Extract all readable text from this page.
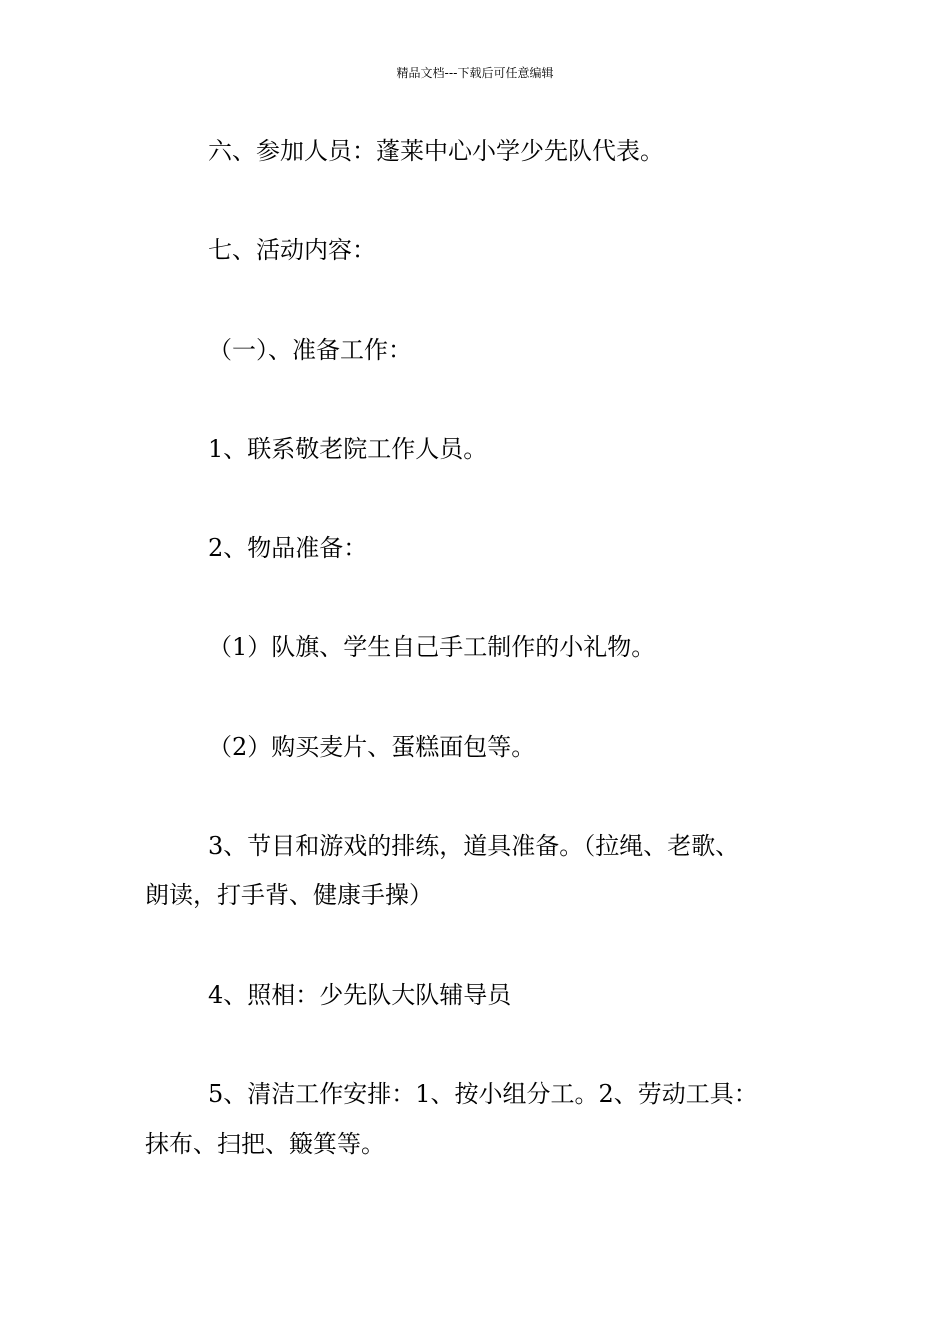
精品文档---下载后可任意编辑
六、参加人员：蓬莱中心小学少先队代表。
七、活动内容：
（一）、准备工作：
1、联系敬老院工作人员。
2、物品准备：
（1）队旗、学生自己手工制作的小礼物。
（2）购买麦片、蛋糕面包等。
3、节目和游戏的排练，道具准备。（拉绳、老歌、
朗读，打手背、健康手操）
4、照相：少先队大队辅导员
5、清洁工作安排：1、按小组分工。2、劳动工具：
抹布、扫把、簸箕等。
